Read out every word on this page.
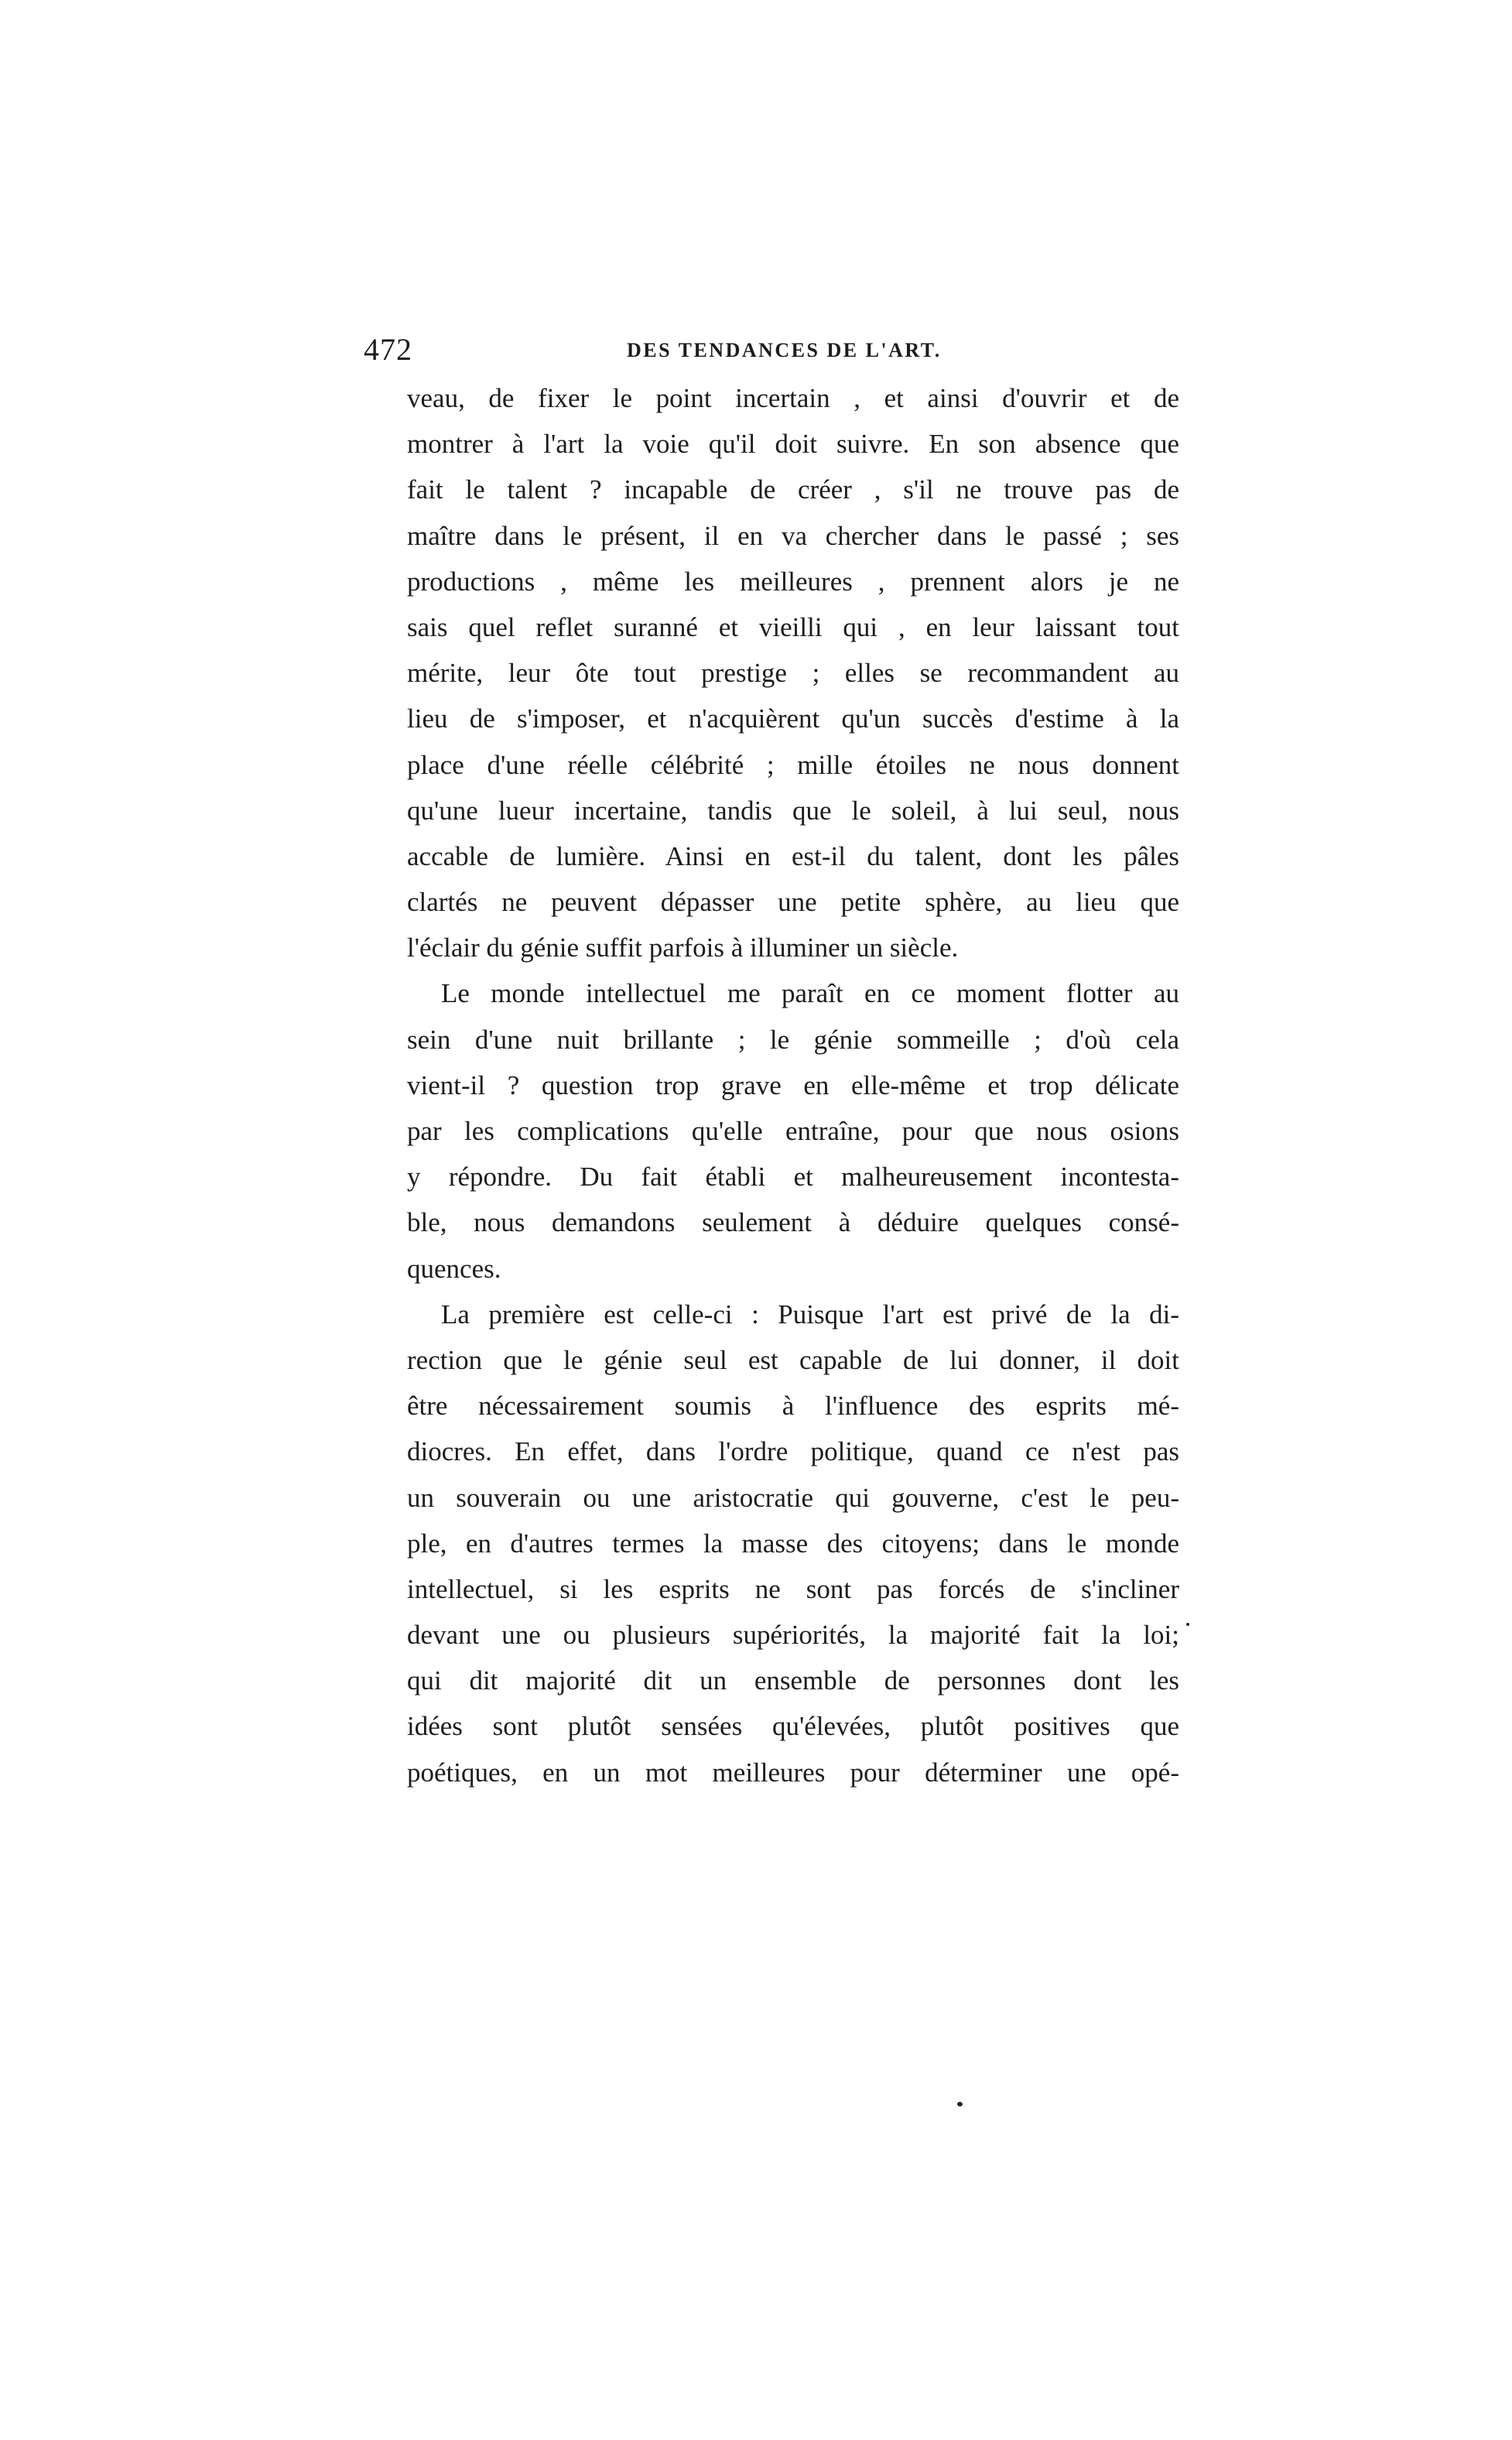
472	DES TENDANCES DE L'ART.
veau, de fixer le point incertain , et ainsi d'ouvrir et de
montrer à l'art la voie qu'il doit suivre. En son absence que
fait le talent ? incapable de créer , s'il ne trouve pas de
maître dans le présent, il en va chercher dans le passé ; ses
productions , même les meilleures , prennent alors je ne
sais quel reflet suranné et vieilli qui , en leur laissant tout
mérite, leur ôte tout prestige ; elles se recommandent au
lieu de s'imposer, et n'acquièrent qu'un succès d'estime à la
place d'une réelle célébrité ; mille étoiles ne nous donnent
qu'une lueur incertaine, tandis que le soleil, à lui seul, nous
accable de lumière. Ainsi en est-il du talent, dont les pâles
clartés ne peuvent dépasser une petite sphère, au lieu que
l'éclair du génie suffit parfois à illuminer un siècle.
Le monde intellectuel me paraît en ce moment flotter au
sein d'une nuit brillante ; le génie sommeille ; d'où cela
vient-il ? question trop grave en elle-même et trop délicate
par les complications qu'elle entraîne, pour que nous osions
y répondre. Du fait établi et malheureusement incontesta-
ble, nous demandons seulement à déduire quelques consé-
quences.
La première est celle-ci : Puisque l'art est privé de la di-
rection que le génie seul est capable de lui donner, il doit
être nécessairement soumis à l'influence des esprits mé-
diocres. En effet, dans l'ordre politique, quand ce n'est pas
un souverain ou une aristocratie qui gouverne, c'est le peu-
ple, en d'autres termes la masse des citoyens; dans le monde
intellectuel, si les esprits ne sont pas forcés de s'incliner
devant une ou plusieurs supériorités, la majorité fait la loi;
qui dit majorité dit un ensemble de personnes dont les
idées sont plutôt sensées qu'élevées, plutôt positives que
poétiques, en un mot meilleures pour déterminer une opé-
